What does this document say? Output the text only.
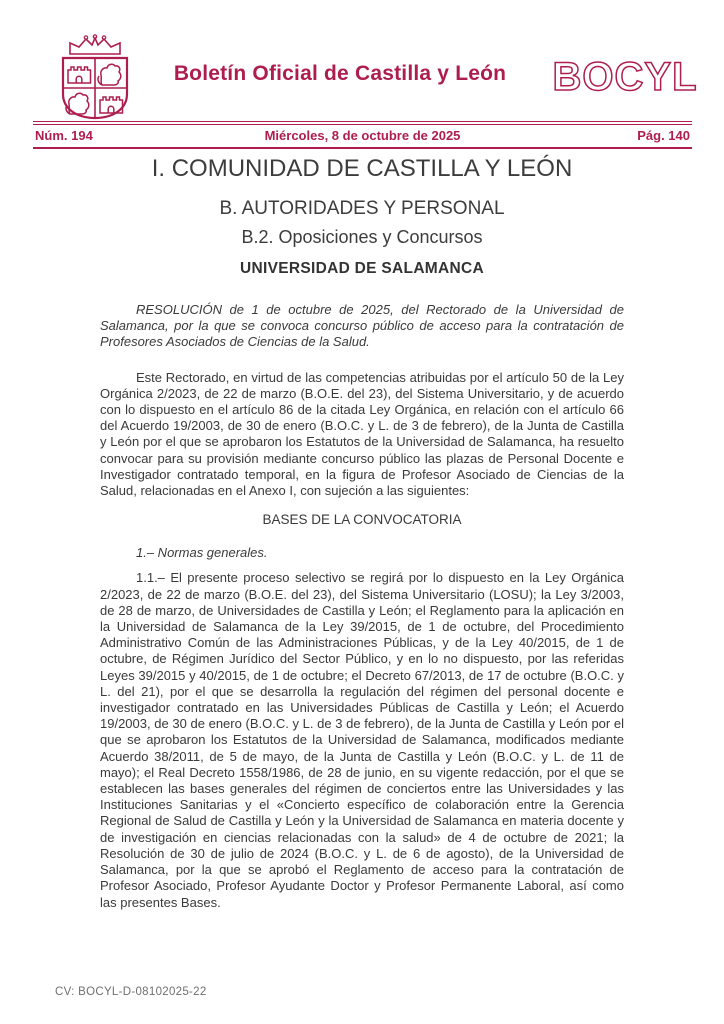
Boletín Oficial de Castilla y León	BOCYL
Núm. 194	Miércoles, 8 de octubre de 2025	Pág. 140
I. COMUNIDAD DE CASTILLA Y LEÓN
B. AUTORIDADES Y PERSONAL
B.2. Oposiciones y Concursos
UNIVERSIDAD DE SALAMANCA

RESOLUCIÓN de 1 de octubre de 2025, del Rectorado de la Universidad de Salamanca, por la que se convoca concurso público de acceso para la contratación de Profesores Asociados de Ciencias de la Salud.

Este Rectorado, en virtud de las competencias atribuidas por el artículo 50 de la Ley Orgánica 2/2023, de 22 de marzo (B.O.E. del 23), del Sistema Universitario, y de acuerdo con lo dispuesto en el artículo 86 de la citada Ley Orgánica, en relación con el artículo 66 del Acuerdo 19/2003, de 30 de enero (B.O.C. y L. de 3 de febrero), de la Junta de Castilla y León por el que se aprobaron los Estatutos de la Universidad de Salamanca, ha resuelto convocar para su provisión mediante concurso público las plazas de Personal Docente e Investigador contratado temporal, en la figura de Profesor Asociado de Ciencias de la Salud, relacionadas en el Anexo I, con sujeción a las siguientes:

BASES DE LA CONVOCATORIA

1.– Normas generales.

1.1.– El presente proceso selectivo se regirá por lo dispuesto en la Ley Orgánica 2/2023, de 22 de marzo (B.O.E. del 23), del Sistema Universitario (LOSU); la Ley 3/2003, de 28 de marzo, de Universidades de Castilla y León; el Reglamento para la aplicación en la Universidad de Salamanca de la Ley 39/2015, de 1 de octubre, del Procedimiento Administrativo Común de las Administraciones Públicas, y de la Ley 40/2015, de 1 de octubre, de Régimen Jurídico del Sector Público, y en lo no dispuesto, por las referidas Leyes 39/2015 y 40/2015, de 1 de octubre; el Decreto 67/2013, de 17 de octubre (B.O.C. y L. del 21), por el que se desarrolla la regulación del régimen del personal docente e investigador contratado en las Universidades Públicas de Castilla y León; el Acuerdo 19/2003, de 30 de enero (B.O.C. y L. de 3 de febrero), de la Junta de Castilla y León por el que se aprobaron los Estatutos de la Universidad de Salamanca, modificados mediante Acuerdo 38/2011, de 5 de mayo, de la Junta de Castilla y León (B.O.C. y L. de 11 de mayo); el Real Decreto 1558/1986, de 28 de junio, en su vigente redacción, por el que se establecen las bases generales del régimen de conciertos entre las Universidades y las Instituciones Sanitarias y el «Concierto específico de colaboración entre la Gerencia Regional de Salud de Castilla y León y la Universidad de Salamanca en materia docente y de investigación en ciencias relacionadas con la salud» de 4 de octubre de 2021; la Resolución de 30 de julio de 2024 (B.O.C. y L. de 6 de agosto), de la Universidad de Salamanca, por la que se aprobó el Reglamento de acceso para la contratación de Profesor Asociado, Profesor Ayudante Doctor y Profesor Permanente Laboral, así como las presentes Bases.

CV: BOCYL-D-08102025-22
